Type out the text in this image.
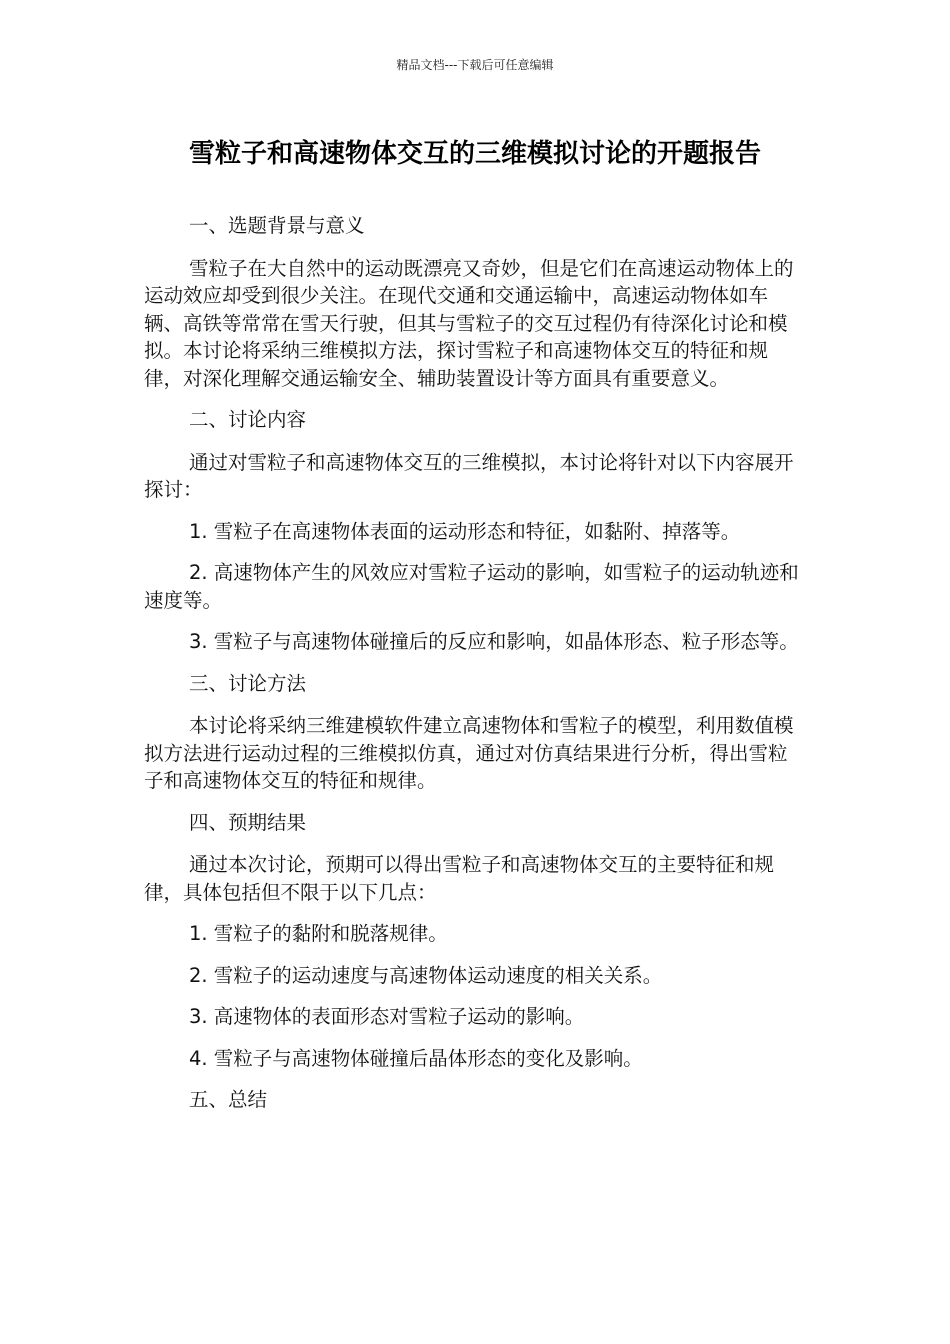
精品文档---下载后可任意编辑
雪粒子和高速物体交互的三维模拟讨论的开题报告

一、选题背景与意义

雪粒子在大自然中的运动既漂亮又奇妙，但是它们在高速运动物体上的运动效应却受到很少关注。在现代交通和交通运输中，高速运动物体如车辆、高铁等常常在雪天行驶，但其与雪粒子的交互过程仍有待深化讨论和模拟。本讨论将采纳三维模拟方法，探讨雪粒子和高速物体交互的特征和规律，对深化理解交通运输安全、辅助装置设计等方面具有重要意义。

二、讨论内容

通过对雪粒子和高速物体交互的三维模拟，本讨论将针对以下内容展开探讨：

1. 雪粒子在高速物体表面的运动形态和特征，如黏附、掉落等。

2. 高速物体产生的风效应对雪粒子运动的影响，如雪粒子的运动轨迹和速度等。

3. 雪粒子与高速物体碰撞后的反应和影响，如晶体形态、粒子形态等。

三、讨论方法

本讨论将采纳三维建模软件建立高速物体和雪粒子的模型，利用数值模拟方法进行运动过程的三维模拟仿真，通过对仿真结果进行分析，得出雪粒子和高速物体交互的特征和规律。

四、预期结果

通过本次讨论，预期可以得出雪粒子和高速物体交互的主要特征和规律，具体包括但不限于以下几点：

1. 雪粒子的黏附和脱落规律。

2. 雪粒子的运动速度与高速物体运动速度的相关关系。

3. 高速物体的表面形态对雪粒子运动的影响。

4. 雪粒子与高速物体碰撞后晶体形态的变化及影响。

五、总结
